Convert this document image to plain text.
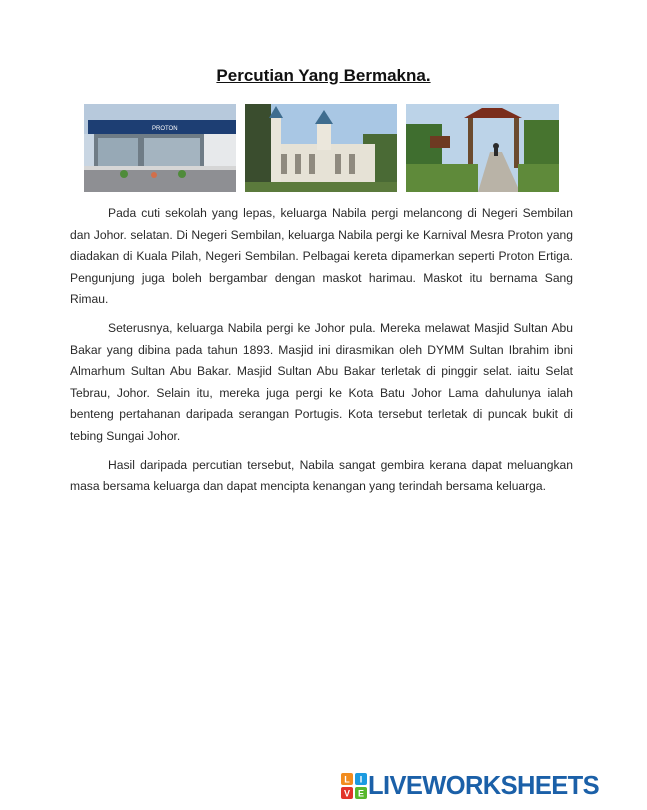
Percutian Yang Bermakna.
PROTON

Pada cuti sekolah yang lepas, keluarga Nabila pergi melancong di Negeri Sembilan dan Johor. selatan. Di Negeri Sembilan, keluarga Nabila pergi ke Karnival Mesra Proton yang diadakan di Kuala Pilah, Negeri Sembilan. Pelbagai kereta dipamerkan seperti Proton Ertiga. Pengunjung juga boleh bergambar dengan maskot harimau. Maskot itu bernama Sang Rimau.

Seterusnya, keluarga Nabila pergi ke Johor pula. Mereka melawat Masjid Sultan Abu Bakar yang dibina pada tahun 1893. Masjid ini dirasmikan oleh DYMM Sultan Ibrahim ibni Almarhum Sultan Abu Bakar. Masjid Sultan Abu Bakar terletak di pinggir selat. iaitu Selat Tebrau, Johor. Selain itu, mereka juga pergi ke Kota Batu Johor Lama dahulunya ialah benteng pertahanan daripada serangan Portugis. Kota tersebut terletak di puncak bukit di tebing Sungai Johor.

Hasil daripada percutian tersebut, Nabila sangat gembira kerana dapat meluangkan masa bersama keluarga dan dapat mencipta kenangan yang terindah bersama keluarga.

L I
V E LIVEWORKSHEETS
